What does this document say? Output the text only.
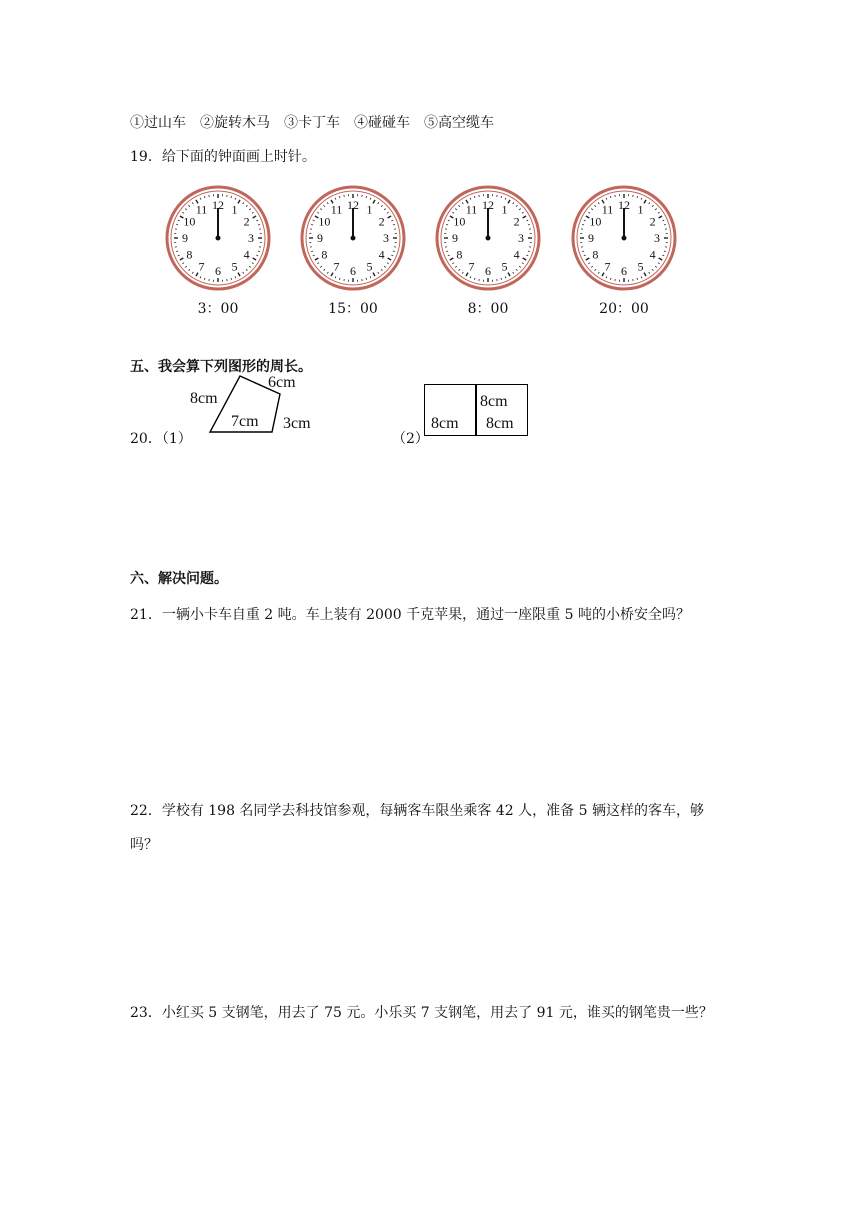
①过山车　②旋转木马　③卡丁车　④碰碰车　⑤高空缆车
19．给下面的钟面画上时针。
12 1
2
3
4
5
6
7
8
9
10
11	12 1
2
3
4
5
6
7
8
9
10
11	12 1
2
3
4
5
6
7
8
9
10
11	12 1
2
3
4
5
6
7
8
9
10
11
3：00	15：00	8：00	20：00
五、我会算下列图形的周长。
20．（1）
6cm
8cm
7cm 3cm
（2）
8cm
8cm 8cm
六、解决问题。
21．一辆小卡车自重 2 吨。车上装有 2000 千克苹果，通过一座限重 5 吨的小桥安全吗？
22．学校有 198 名同学去科技馆参观，每辆客车限坐乘客 42 人，准备 5 辆这样的客车，够
吗？
23．小红买 5 支钢笔，用去了 75 元。小乐买 7 支钢笔，用去了 91 元，谁买的钢笔贵一些？
